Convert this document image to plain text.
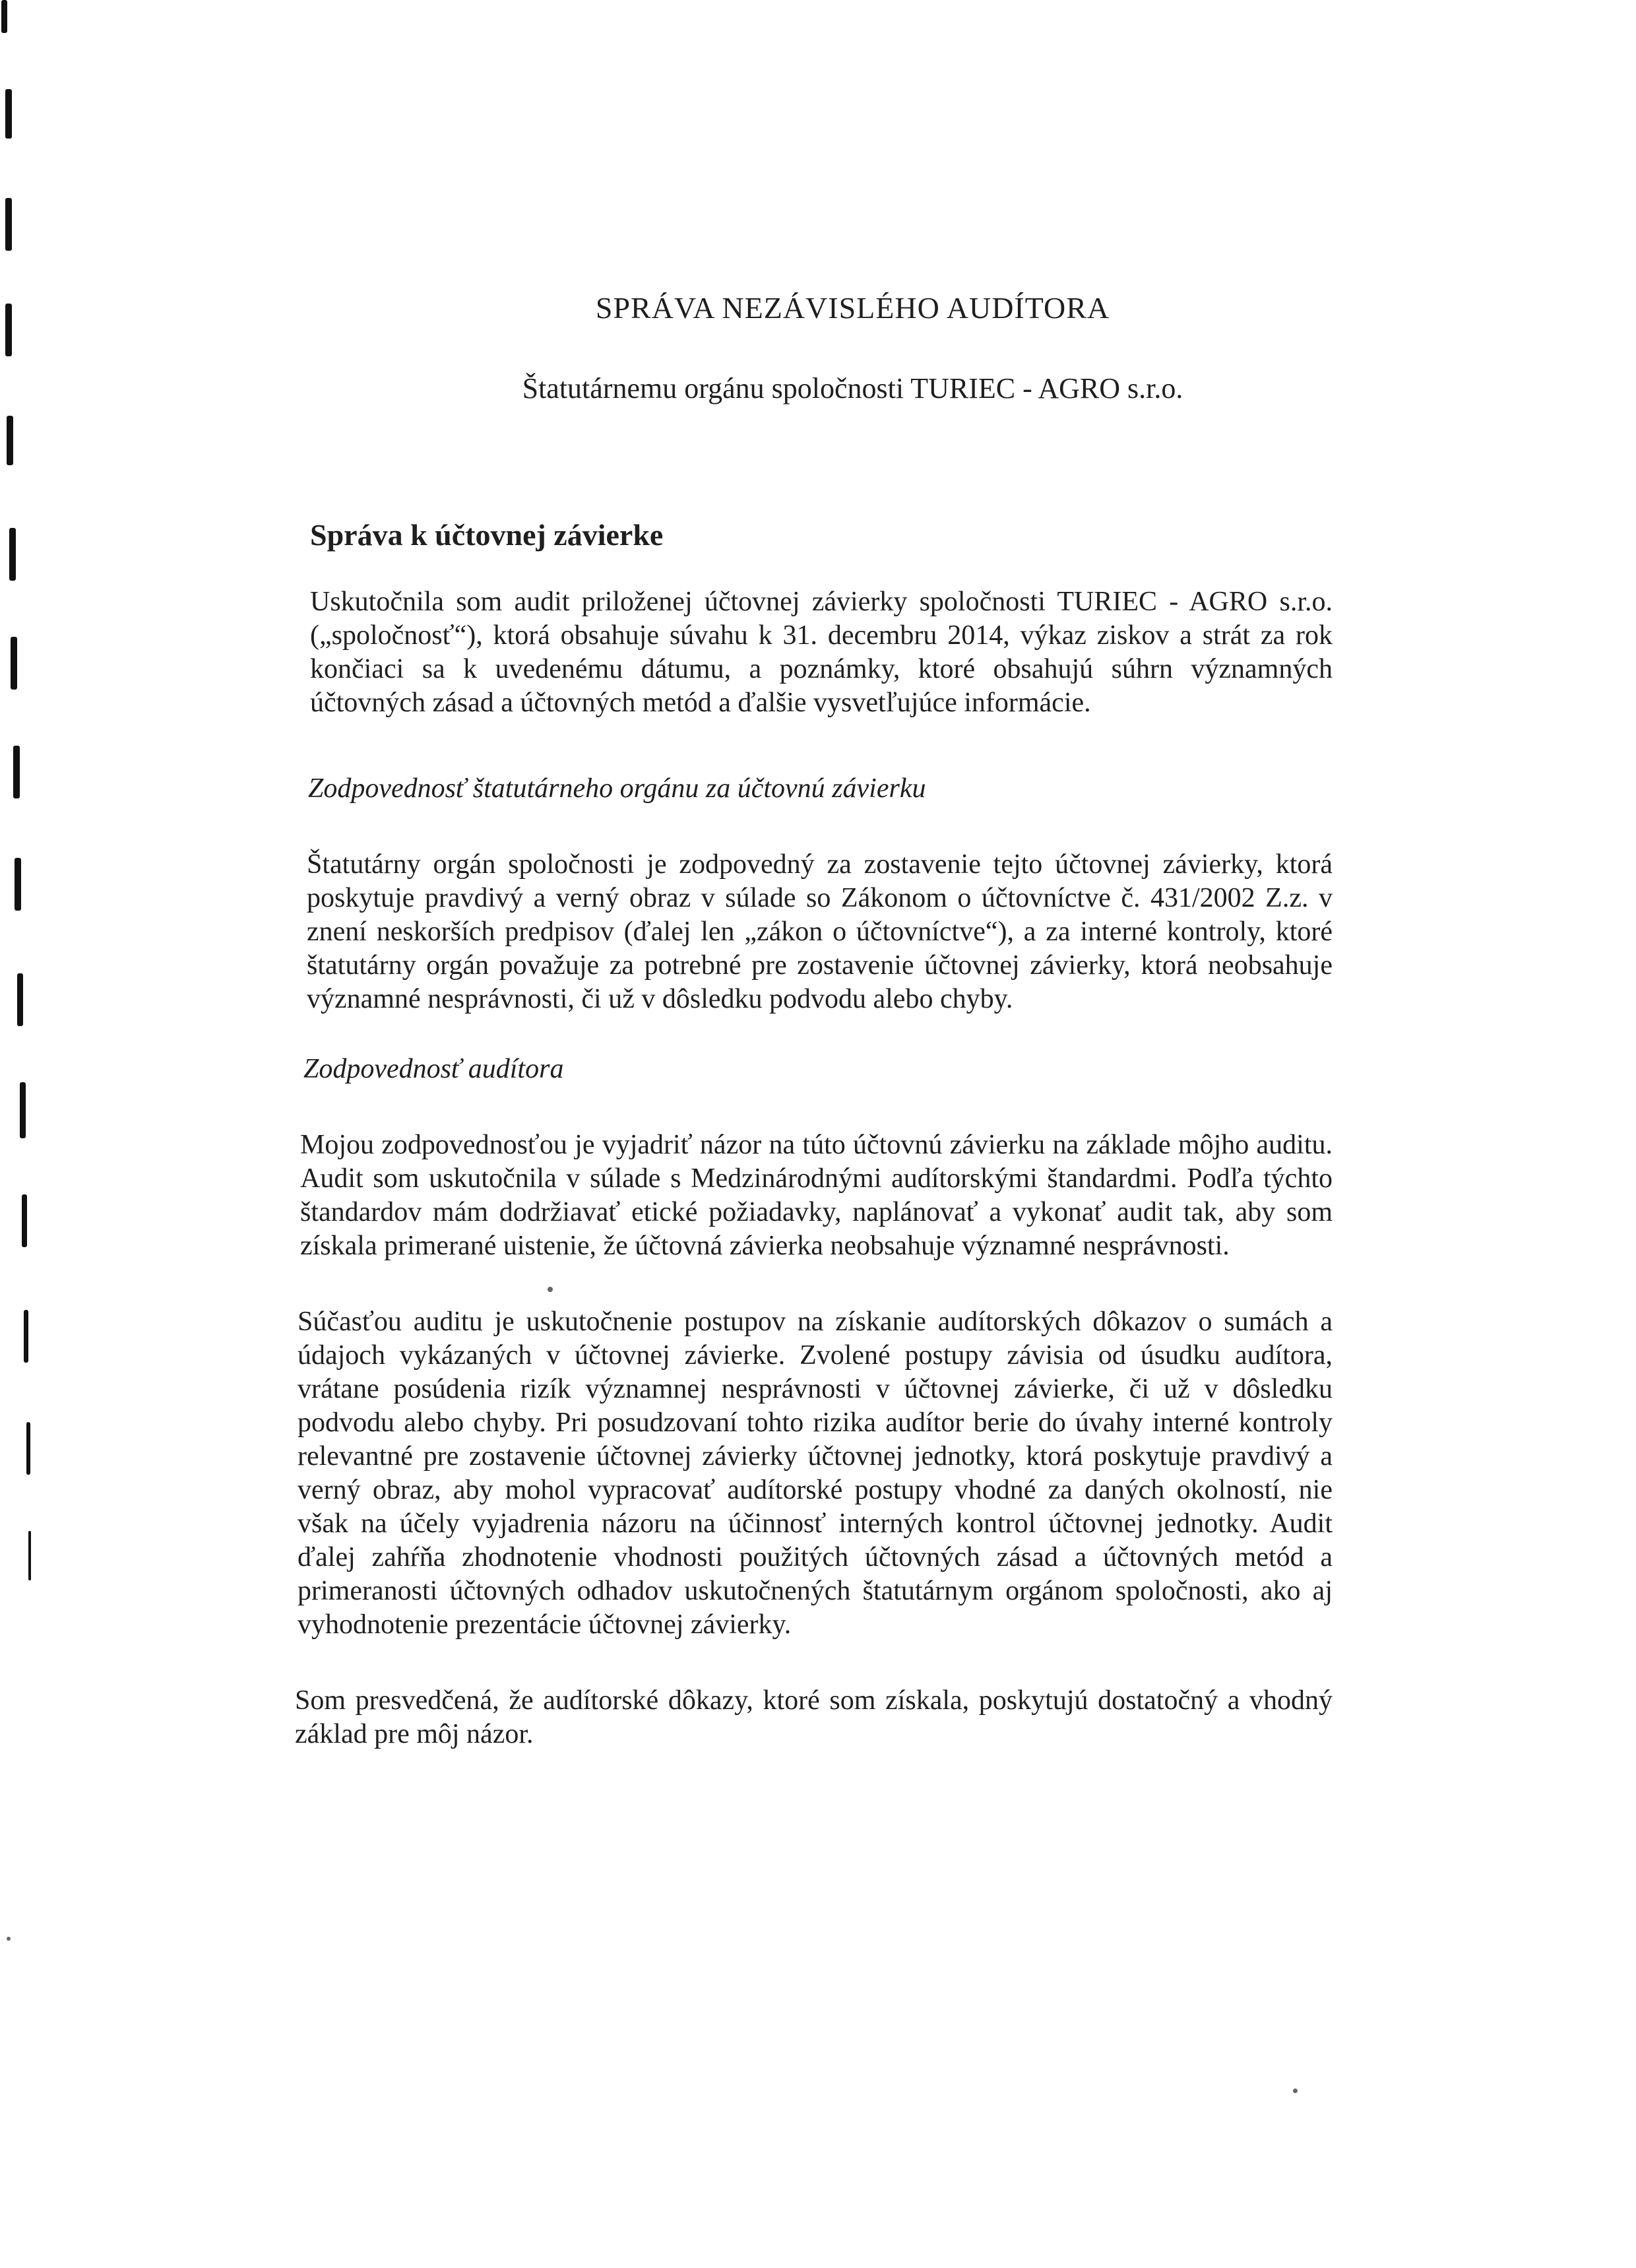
SPRÁVA NEZÁVISLÉHO AUDÍTORA
Štatutárnemu orgánu spoločnosti TURIEC - AGRO s.r.o.
Správa k účtovnej závierke

Uskutočnila som audit priloženej účtovnej závierky spoločnosti TURIEC - AGRO s.r.o. („spoločnosť“), ktorá obsahuje súvahu k 31. decembru 2014, výkaz ziskov a strát za rok končiaci sa k uvedenému dátumu, a poznámky, ktoré obsahujú súhrn významných účtovných zásad a účtovných metód a ďalšie vysvetľujúce informácie.

Zodpovednosť štatutárneho orgánu za účtovnú závierku

Štatutárny orgán spoločnosti je zodpovedný za zostavenie tejto účtovnej závierky, ktorá poskytuje pravdivý a verný obraz v súlade so Zákonom o účtovníctve č. 431/2002 Z.z. v znení neskorších predpisov (ďalej len „zákon o účtovníctve“), a za interné kontroly, ktoré štatutárny orgán považuje za potrebné pre zostavenie účtovnej závierky, ktorá neobsahuje významné nesprávnosti, či už v dôsledku podvodu alebo chyby.

Zodpovednosť audítora

Mojou zodpovednosťou je vyjadriť názor na túto účtovnú závierku na základe môjho auditu. Audit som uskutočnila v súlade s Medzinárodnými audítorskými štandardmi. Podľa týchto štandardov mám dodržiavať etické požiadavky, naplánovať a vykonať audit tak, aby som získala primerané uistenie, že účtovná závierka neobsahuje významné nesprávnosti.

Súčasťou auditu je uskutočnenie postupov na získanie audítorských dôkazov o sumách a údajoch vykázaných v účtovnej závierke. Zvolené postupy závisia od úsudku audítora, vrátane posúdenia rizík významnej nesprávnosti v účtovnej závierke, či už v dôsledku podvodu alebo chyby. Pri posudzovaní tohto rizika audítor berie do úvahy interné kontroly relevantné pre zostavenie účtovnej závierky účtovnej jednotky, ktorá poskytuje pravdivý a verný obraz, aby mohol vypracovať audítorské postupy vhodné za daných okolností, nie však na účely vyjadrenia názoru na účinnosť interných kontrol účtovnej jednotky. Audit ďalej zahŕňa zhodnotenie vhodnosti použitých účtovných zásad a účtovných metód a primeranosti účtovných odhadov uskutočnených štatutárnym orgánom spoločnosti, ako aj vyhodnotenie prezentácie účtovnej závierky.

Som presvedčená, že audítorské dôkazy, ktoré som získala, poskytujú dostatočný a vhodný základ pre môj názor.
